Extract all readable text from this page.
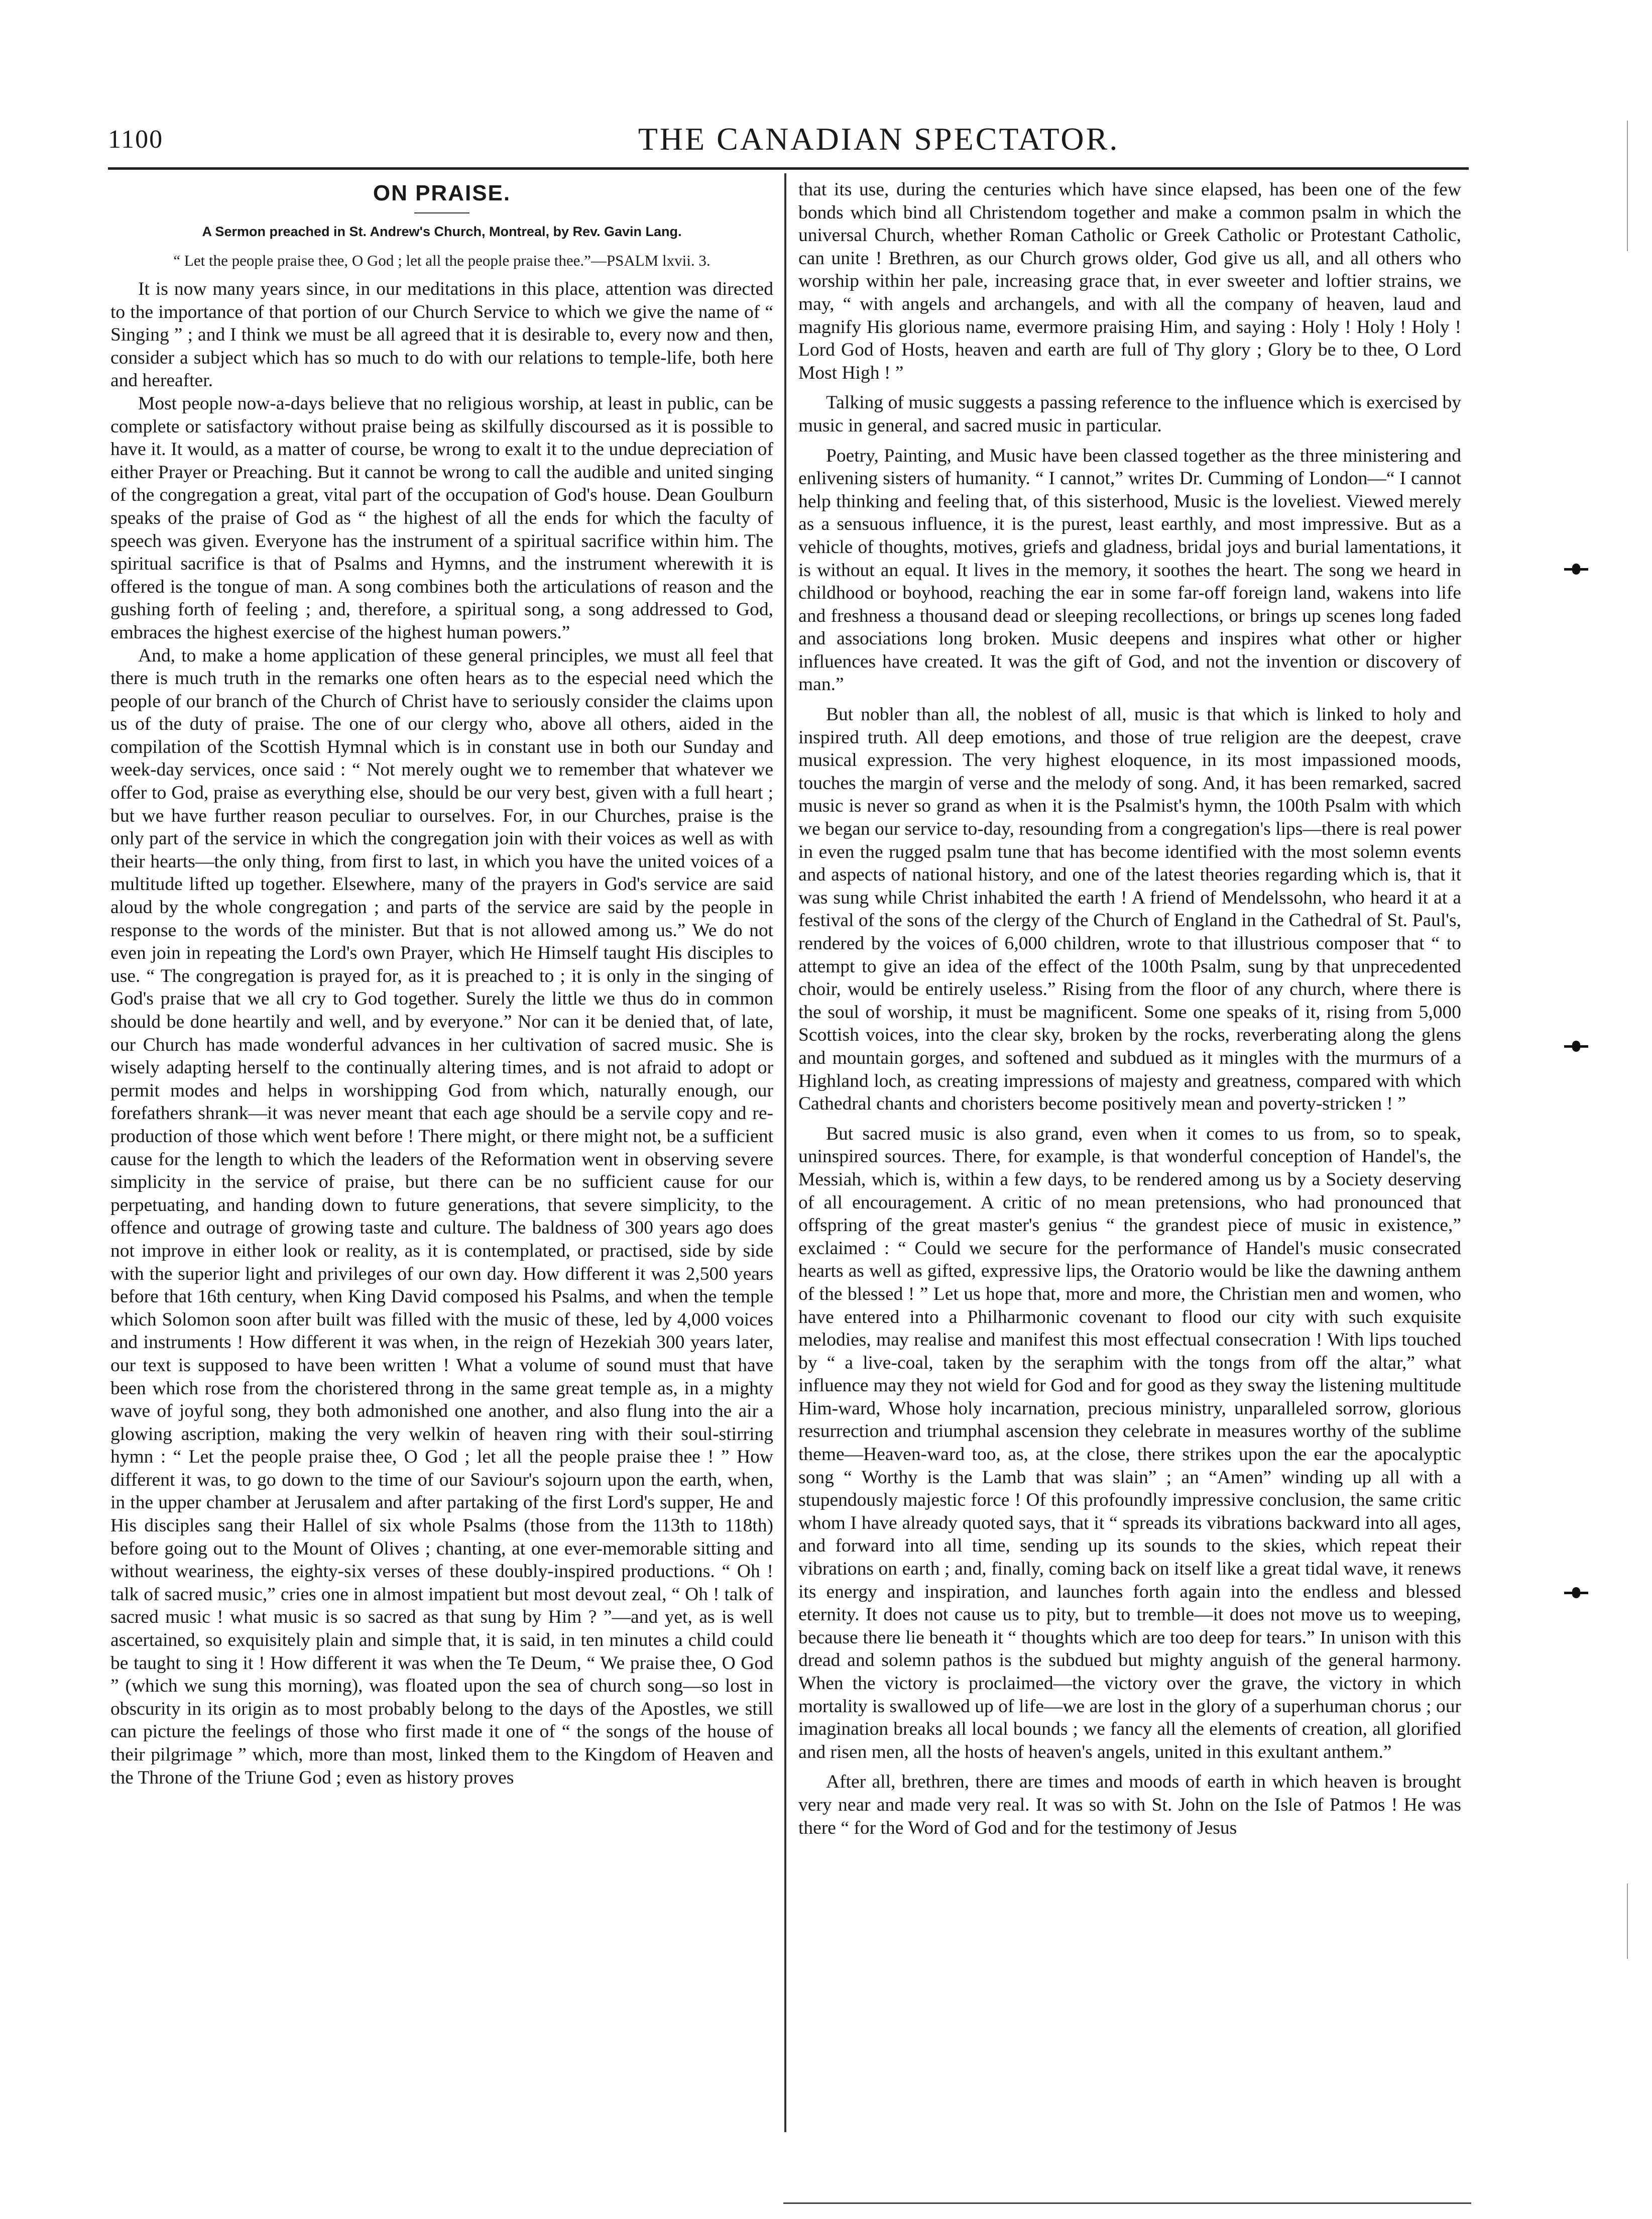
1100	THE CANADIAN SPECTATOR.
ON PRAISE.
A Sermon preached in St. Andrew's Church, Montreal, by Rev. Gavin Lang.
“ Let the people praise thee, O God ; let all the people praise thee.”—PSALM lxvii. 3.

It is now many years since, in our meditations in this place, attention was directed to the importance of that portion of our Church Service to which we give the name of “ Singing ” ; and I think we must be all agreed that it is desirable to, every now and then, consider a subject which has so much to do with our relations to temple-life, both here and hereafter.

Most people now-a-days believe that no religious worship, at least in public, can be complete or satisfactory without praise being as skilfully discoursed as it is possible to have it. It would, as a matter of course, be wrong to exalt it to the undue depreciation of either Prayer or Preaching. But it cannot be wrong to call the audible and united singing of the congregation a great, vital part of the occupation of God's house. Dean Goulburn speaks of the praise of God as “ the highest of all the ends for which the faculty of speech was given. Everyone has the instrument of a spiritual sacrifice within him. The spiritual sacrifice is that of Psalms and Hymns, and the instrument wherewith it is offered is the tongue of man. A song combines both the articulations of reason and the gushing forth of feeling ; and, therefore, a spiritual song, a song addressed to God, embraces the highest exercise of the highest human powers.”

And, to make a home application of these general principles, we must all feel that there is much truth in the remarks one often hears as to the especial need which the people of our branch of the Church of Christ have to seriously consider the claims upon us of the duty of praise. The one of our clergy who, above all others, aided in the compilation of the Scottish Hymnal which is in constant use in both our Sunday and week-day services, once said : “ Not merely ought we to remember that whatever we offer to God, praise as everything else, should be our very best, given with a full heart ; but we have further reason peculiar to ourselves. For, in our Churches, praise is the only part of the service in which the congregation join with their voices as well as with their hearts—the only thing, from first to last, in which you have the united voices of a multitude lifted up together. Elsewhere, many of the prayers in God's service are said aloud by the whole congregation ; and parts of the service are said by the people in response to the words of the minister. But that is not allowed among us.” We do not even join in repeating the Lord's own Prayer, which He Himself taught His disciples to use. “ The congregation is prayed for, as it is preached to ; it is only in the singing of God's praise that we all cry to God together. Surely the little we thus do in common should be done heartily and well, and by everyone.” Nor can it be denied that, of late, our Church has made wonderful advances in her cultivation of sacred music. She is wisely adapting herself to the continually altering times, and is not afraid to adopt or permit modes and helps in worshipping God from which, naturally enough, our forefathers shrank—it was never meant that each age should be a servile copy and re-production of those which went before ! There might, or there might not, be a sufficient cause for the length to which the leaders of the Reformation went in observing severe simplicity in the service of praise, but there can be no sufficient cause for our perpetuating, and handing down to future generations, that severe simplicity, to the offence and outrage of growing taste and culture. The baldness of 300 years ago does not improve in either look or reality, as it is contemplated, or practised, side by side with the superior light and privileges of our own day. How different it was 2,500 years before that 16th century, when King David composed his Psalms, and when the temple which Solomon soon after built was filled with the music of these, led by 4,000 voices and instruments ! How different it was when, in the reign of Hezekiah 300 years later, our text is supposed to have been written ! What a volume of sound must that have been which rose from the choristered throng in the same great temple as, in a mighty wave of joyful song, they both admonished one another, and also flung into the air a glowing ascription, making the very welkin of heaven ring with their soul-stirring hymn : “ Let the people praise thee, O God ; let all the people praise thee ! ” How different it was, to go down to the time of our Saviour's sojourn upon the earth, when, in the upper chamber at Jerusalem and after partaking of the first Lord's supper, He and His disciples sang their Hallel of six whole Psalms (those from the 113th to 118th) before going out to the Mount of Olives ; chanting, at one ever-memorable sitting and without weariness, the eighty-six verses of these doubly-inspired productions. “ Oh ! talk of sacred music,” cries one in almost impatient but most devout zeal, “ Oh ! talk of sacred music ! what music is so sacred as that sung by Him ? ”—and yet, as is well ascertained, so exquisitely plain and simple that, it is said, in ten minutes a child could be taught to sing it ! How different it was when the Te Deum, “ We praise thee, O God ” (which we sung this morning), was floated upon the sea of church song—so lost in obscurity in its origin as to most probably belong to the days of the Apostles, we still can picture the feelings of those who first made it one of “ the songs of the house of their pilgrimage ” which, more than most, linked them to the Kingdom of Heaven and the Throne of the Triune God ; even as history proves

that its use, during the centuries which have since elapsed, has been one of the few bonds which bind all Christendom together and make a common psalm in which the universal Church, whether Roman Catholic or Greek Catholic or Protestant Catholic, can unite ! Brethren, as our Church grows older, God give us all, and all others who worship within her pale, increasing grace that, in ever sweeter and loftier strains, we may, “ with angels and archangels, and with all the company of heaven, laud and magnify His glorious name, evermore praising Him, and saying : Holy ! Holy ! Holy ! Lord God of Hosts, heaven and earth are full of Thy glory ; Glory be to thee, O Lord Most High ! ”

Talking of music suggests a passing reference to the influence which is exercised by music in general, and sacred music in particular.

Poetry, Painting, and Music have been classed together as the three ministering and enlivening sisters of humanity. “ I cannot,” writes Dr. Cumming of London—“ I cannot help thinking and feeling that, of this sisterhood, Music is the loveliest. Viewed merely as a sensuous influence, it is the purest, least earthly, and most impressive. But as a vehicle of thoughts, motives, griefs and gladness, bridal joys and burial lamentations, it is without an equal. It lives in the memory, it soothes the heart. The song we heard in childhood or boyhood, reaching the ear in some far-off foreign land, wakens into life and freshness a thousand dead or sleeping recollections, or brings up scenes long faded and associations long broken. Music deepens and inspires what other or higher influences have created. It was the gift of God, and not the invention or discovery of man.”

But nobler than all, the noblest of all, music is that which is linked to holy and inspired truth. All deep emotions, and those of true religion are the deepest, crave musical expression. The very highest eloquence, in its most impassioned moods, touches the margin of verse and the melody of song. And, it has been remarked, sacred music is never so grand as when it is the Psalmist's hymn, the 100th Psalm with which we began our service to-day, resounding from a congregation's lips—there is real power in even the rugged psalm tune that has become identified with the most solemn events and aspects of national history, and one of the latest theories regarding which is, that it was sung while Christ inhabited the earth ! A friend of Mendelssohn, who heard it at a festival of the sons of the clergy of the Church of England in the Cathedral of St. Paul's, rendered by the voices of 6,000 children, wrote to that illustrious composer that “ to attempt to give an idea of the effect of the 100th Psalm, sung by that unprecedented choir, would be entirely useless.” Rising from the floor of any church, where there is the soul of worship, it must be magnificent. Some one speaks of it, rising from 5,000 Scottish voices, into the clear sky, broken by the rocks, reverberating along the glens and mountain gorges, and softened and subdued as it mingles with the murmurs of a Highland loch, as creating impressions of majesty and greatness, compared with which Cathedral chants and choristers become positively mean and poverty-stricken ! ”

But sacred music is also grand, even when it comes to us from, so to speak, uninspired sources. There, for example, is that wonderful conception of Handel's, the Messiah, which is, within a few days, to be rendered among us by a Society deserving of all encouragement. A critic of no mean pretensions, who had pronounced that offspring of the great master's genius “ the grandest piece of music in existence,” exclaimed : “ Could we secure for the performance of Handel's music consecrated hearts as well as gifted, expressive lips, the Oratorio would be like the dawning anthem of the blessed ! ” Let us hope that, more and more, the Christian men and women, who have entered into a Philharmonic covenant to flood our city with such exquisite melodies, may realise and manifest this most effectual consecration ! With lips touched by “ a live-coal, taken by the seraphim with the tongs from off the altar,” what influence may they not wield for God and for good as they sway the listening multitude Him-ward, Whose holy incarnation, precious ministry, unparalleled sorrow, glorious resurrection and triumphal ascension they celebrate in measures worthy of the sublime theme—Heaven-ward too, as, at the close, there strikes upon the ear the apocalyptic song “ Worthy is the Lamb that was slain” ; an “Amen” winding up all with a stupendously majestic force ! Of this profoundly impressive conclusion, the same critic whom I have already quoted says, that it “ spreads its vibrations backward into all ages, and forward into all time, sending up its sounds to the skies, which repeat their vibrations on earth ; and, finally, coming back on itself like a great tidal wave, it renews its energy and inspiration, and launches forth again into the endless and blessed eternity. It does not cause us to pity, but to tremble—it does not move us to weeping, because there lie beneath it “ thoughts which are too deep for tears.” In unison with this dread and solemn pathos is the subdued but mighty anguish of the general harmony. When the victory is proclaimed—the victory over the grave, the victory in which mortality is swallowed up of life—we are lost in the glory of a superhuman chorus ; our imagination breaks all local bounds ; we fancy all the elements of creation, all glorified and risen men, all the hosts of heaven's angels, united in this exultant anthem.”

After all, brethren, there are times and moods of earth in which heaven is brought very near and made very real. It was so with St. John on the Isle of Patmos ! He was there “ for the Word of God and for the testimony of Jesus
